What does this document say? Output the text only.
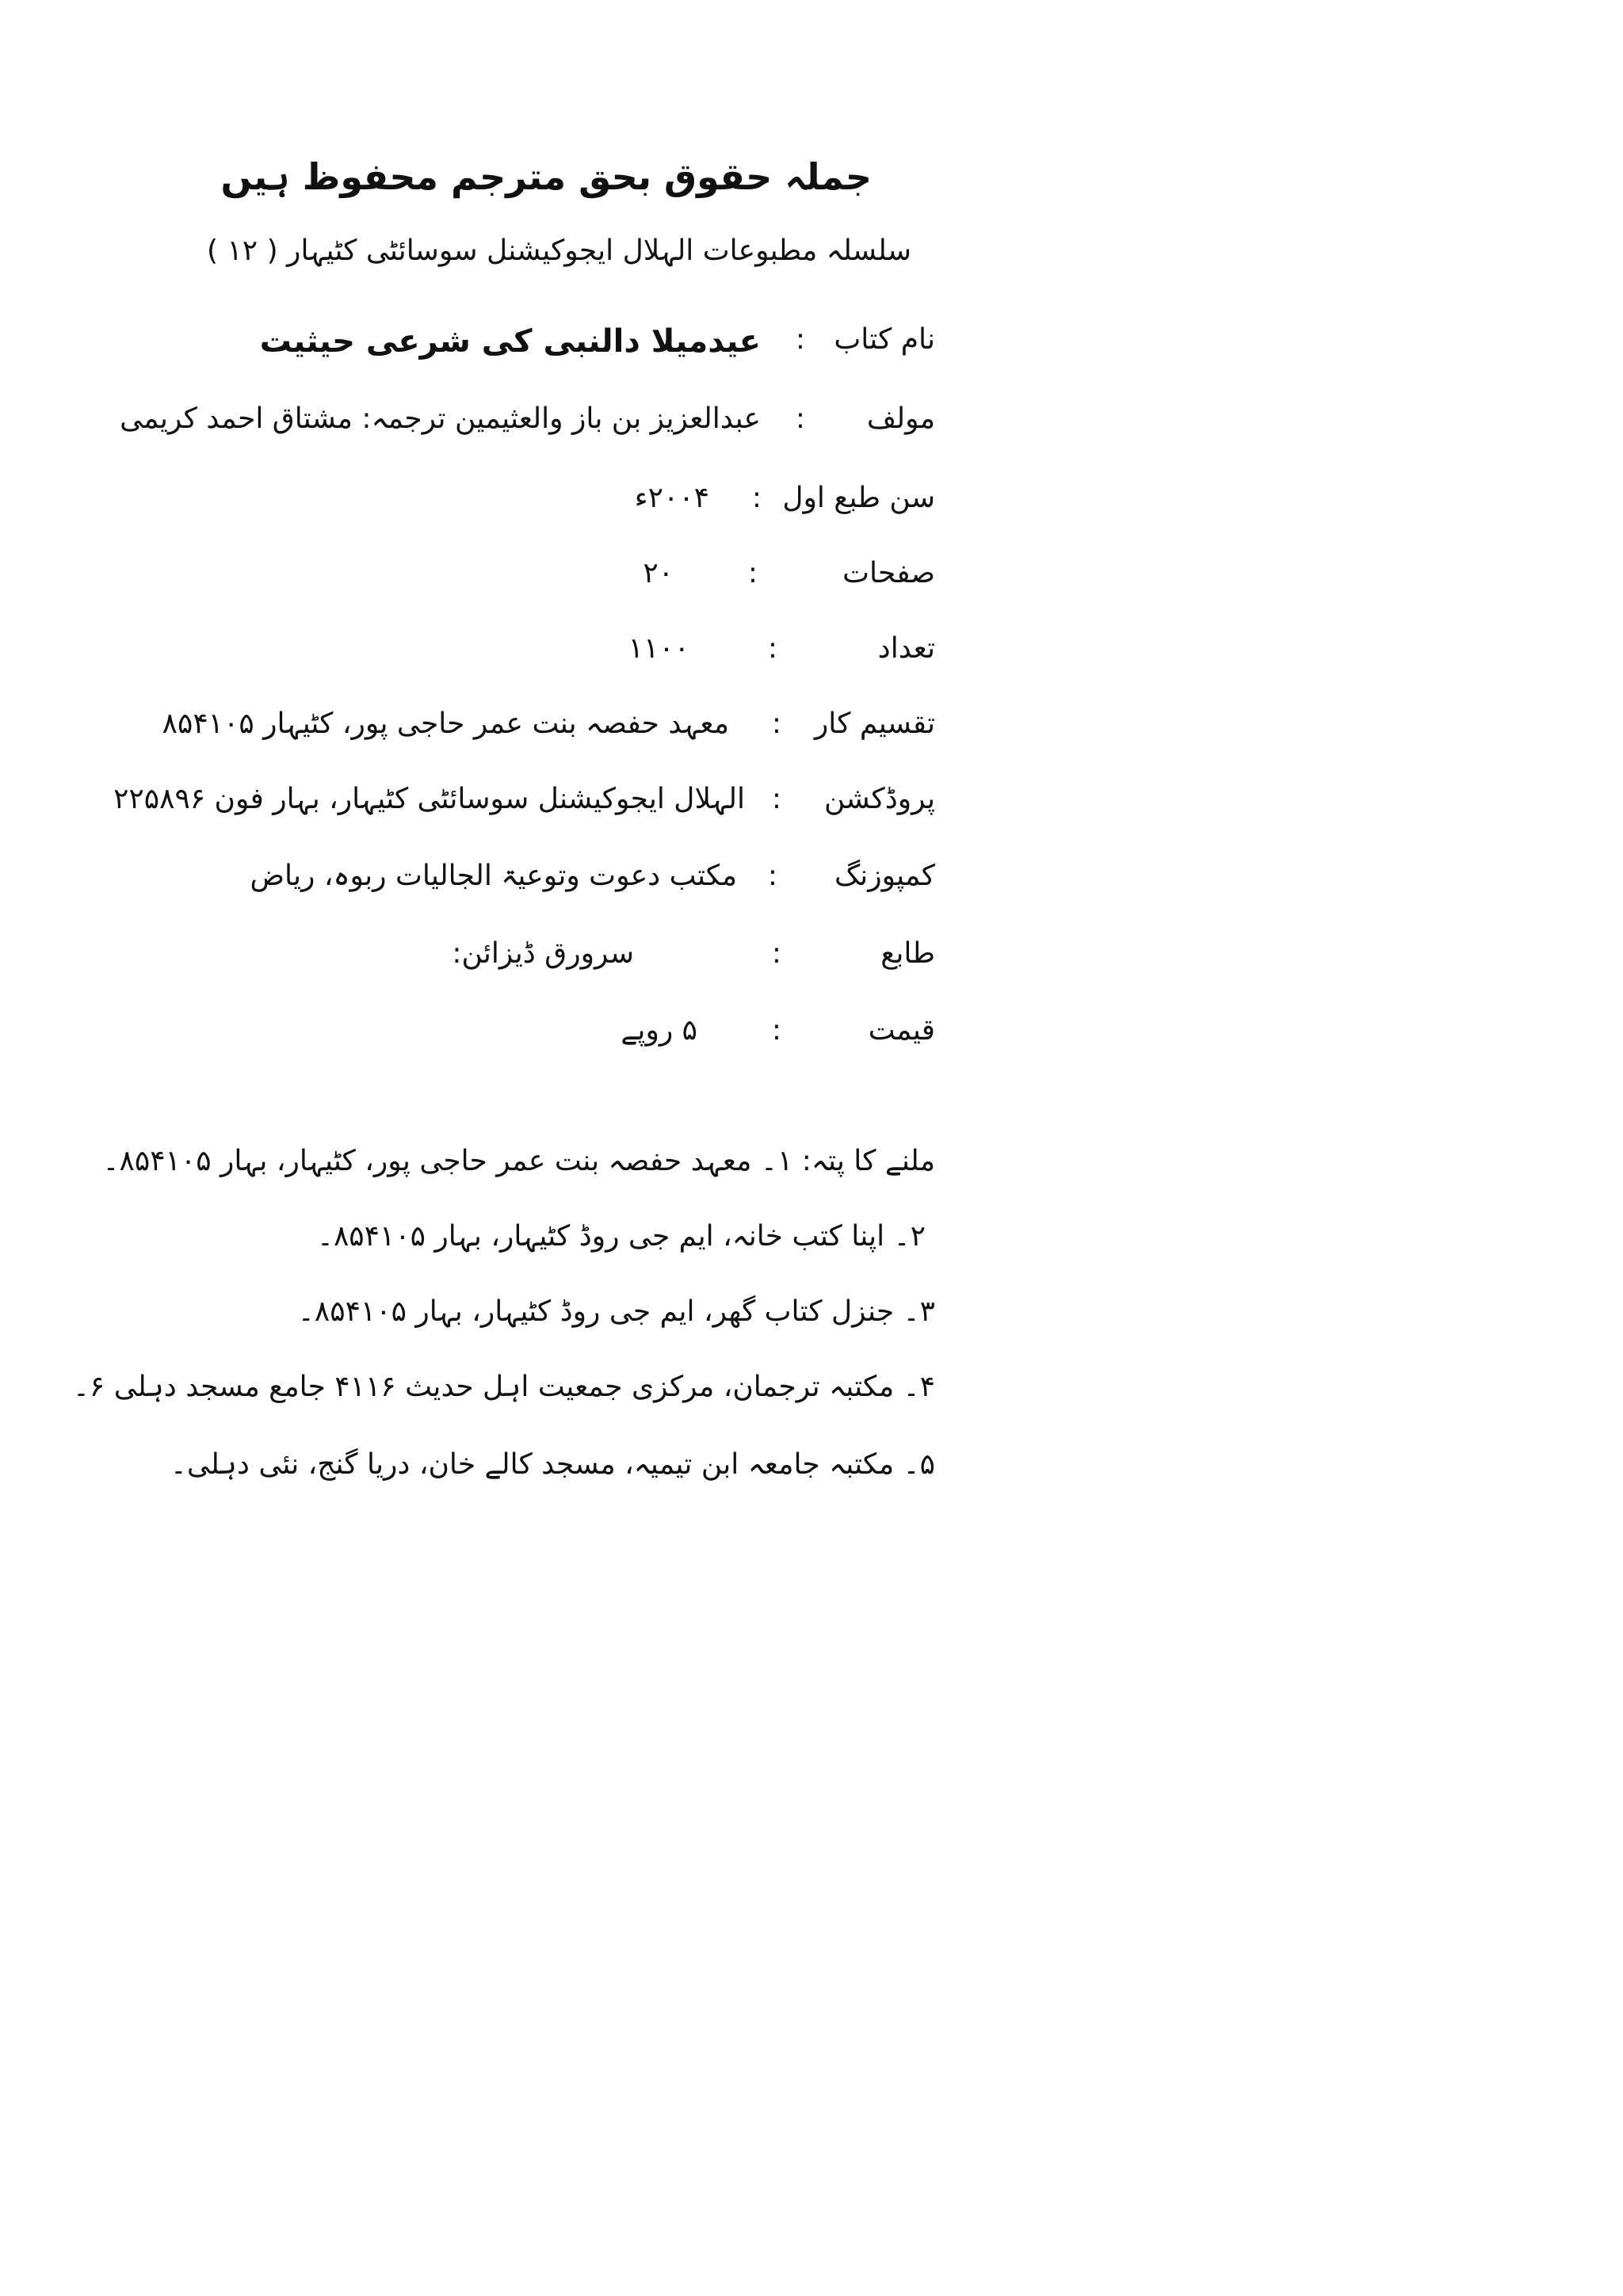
جملہ حقوق بحق مترجم محفوظ ہیں
سلسلہ مطبوعات الہلال ایجوکیشنل سوسائٹی کٹیہار ( ۱۲ )
نام کتاب
:
عیدمیلا دالنبی کی شرعی حیثیت
مولف
:
عبدالعزیز بن باز والعثیمین ترجمہ: مشتاق احمد کریمی
سن طبع اول
:
۲۰۰۴ء
صفحات
:
۲۰
تعداد
:
۱۱۰۰
تقسیم کار
:
معہد حفصہ بنت عمر حاجی پور، کٹیہار ۸۵۴۱۰۵
پروڈکشن
:
الہلال ایجوکیشنل سوسائٹی کٹیہار، بہار فون ۲۲۵۸۹۶
کمپوزنگ
:
مکتب دعوت وتوعیۃ الجالیات ربوہ، ریاض
طابع
:
سرورق ڈیزائن:
قیمت
:
۵ روپے
ملنے کا پتہ: ۱۔ معہد حفصہ بنت عمر حاجی پور، کٹیہار، بہار ۸۵۴۱۰۵۔
۲۔ اپنا کتب خانہ، ایم جی روڈ کٹیہار، بہار ۸۵۴۱۰۵۔
۳۔ جنزل کتاب گھر، ایم جی روڈ کٹیہار، بہار ۸۵۴۱۰۵۔
۴۔ مکتبہ ترجمان، مرکزی جمعیت اہل حدیث ۴۱۱۶ جامع مسجد دہلی ۶۔
۵۔ مکتبہ جامعہ ابن تیمیہ، مسجد کالے خان، دریا گنج، نئی دہلی۔
